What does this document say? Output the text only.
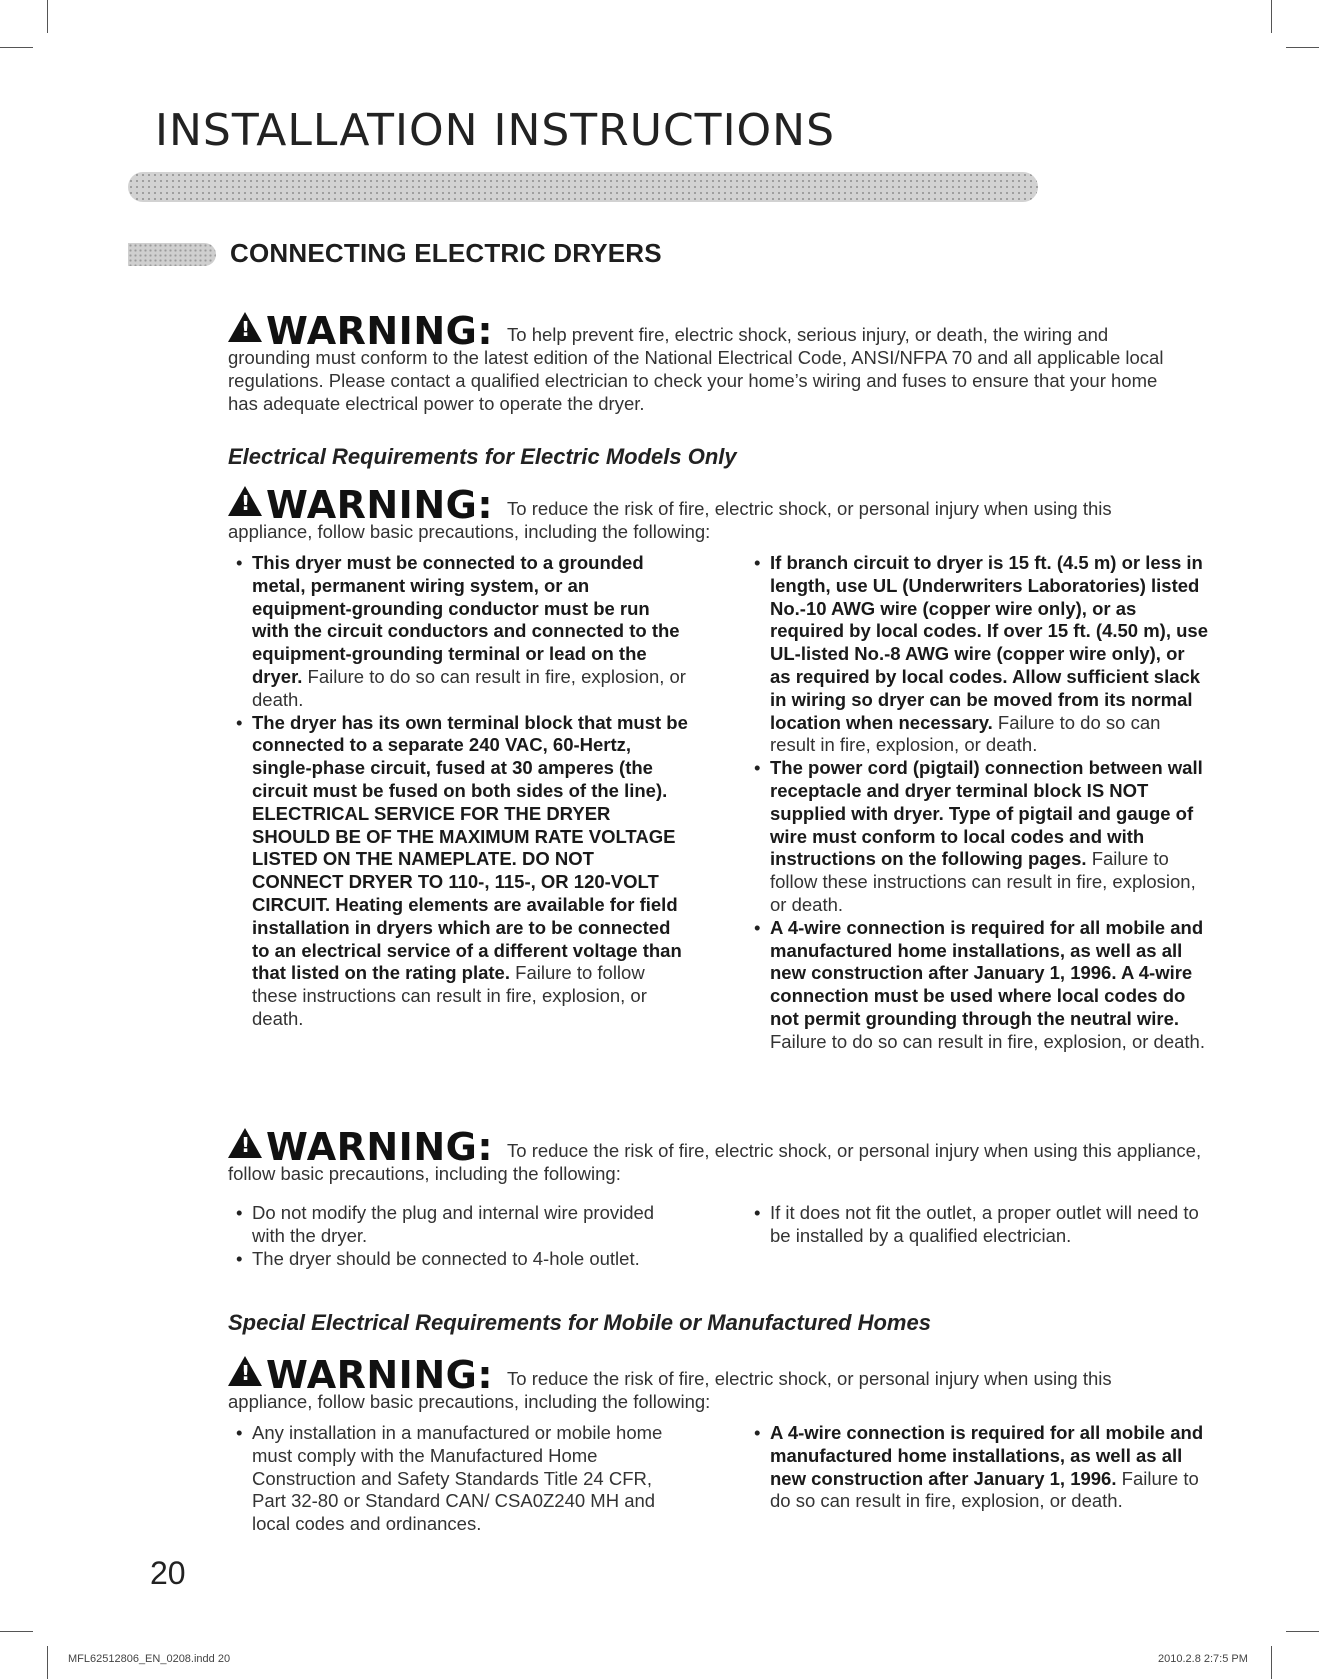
INSTALLATION INSTRUCTIONS
CONNECTING ELECTRIC DRYERS
!WARNING: To help prevent fire, electric shock, serious injury, or death, the wiring and grounding must conform to the latest edition of the National Electrical Code, ANSI/NFPA 70 and all applicable local regulations. Please contact a qualified electrician to check your home’s wiring and fuses to ensure that your home has adequate electrical power to operate the dryer.
Electrical Requirements for Electric Models Only
!WARNING: To reduce the risk of fire, electric shock, or personal injury when using this appliance, follow basic precautions, including the following:
• This dryer must be connected to a grounded metal, permanent wiring system, or an equipment-grounding conductor must be run with the circuit conductors and connected to the equipment-grounding terminal or lead on the dryer. Failure to do so can result in fire, explosion, or death.
• The dryer has its own terminal block that must be connected to a separate 240 VAC, 60-Hertz, single-phase circuit, fused at 30 amperes (the circuit must be fused on both sides of the line). ELECTRICAL SERVICE FOR THE DRYER SHOULD BE OF THE MAXIMUM RATE VOLTAGE LISTED ON THE NAMEPLATE. DO NOT CONNECT DRYER TO 110-, 115-, OR 120-VOLT CIRCUIT. Heating elements are available for field installation in dryers which are to be connected to an electrical service of a different voltage than that listed on the rating plate. Failure to follow these instructions can result in fire, explosion, or death.
• If branch circuit to dryer is 15 ft. (4.5 m) or less in length, use UL (Underwriters Laboratories) listed No.-10 AWG wire (copper wire only), or as required by local codes. If over 15 ft. (4.50 m), use UL-listed No.-8 AWG wire (copper wire only), or as required by local codes. Allow sufficient slack in wiring so dryer can be moved from its normal location when necessary. Failure to do so can result in fire, explosion, or death.
• The power cord (pigtail) connection between wall receptacle and dryer terminal block IS NOT supplied with dryer. Type of pigtail and gauge of wire must conform to local codes and with instructions on the following pages. Failure to follow these instructions can result in fire, explosion, or death.
• A 4-wire connection is required for all mobile and manufactured home installations, as well as all new construction after January 1, 1996. A 4-wire connection must be used where local codes do not permit grounding through the neutral wire. Failure to do so can result in fire, explosion, or death.
!WARNING: To reduce the risk of fire, electric shock, or personal injury when using this appliance, follow basic precautions, including the following:
• Do not modify the plug and internal wire provided with the dryer.
• The dryer should be connected to 4-hole outlet.
• If it does not fit the outlet, a proper outlet will need to be installed by a qualified electrician.
Special Electrical Requirements for Mobile or Manufactured Homes
!WARNING: To reduce the risk of fire, electric shock, or personal injury when using this appliance, follow basic precautions, including the following:
• Any installation in a manufactured or mobile home must comply with the Manufactured Home Construction and Safety Standards Title 24 CFR, Part 32-80 or Standard CAN/ CSA0Z240 MH and local codes and ordinances.
• A 4-wire connection is required for all mobile and manufactured home installations, as well as all new construction after January 1, 1996. Failure to do so can result in fire, explosion, or death.
20
MFL62512806_EN_0208.indd 20	2010.2.8 2:7:5 PM
